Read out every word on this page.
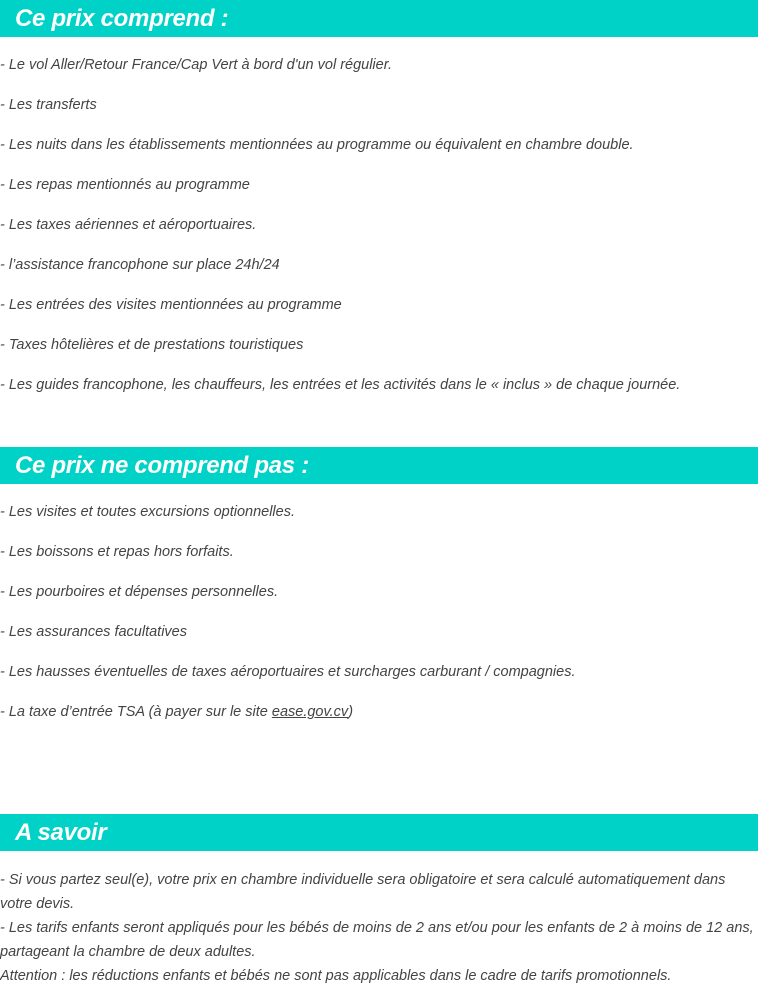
Ce prix comprend :
- Le vol Aller/Retour France/Cap Vert à bord d'un vol régulier.
- Les transferts
- Les nuits dans les établissements mentionnées au programme ou équivalent en chambre double.
- Les repas mentionnés au programme
- Les taxes aériennes et aéroportuaires.
- l’assistance francophone sur place 24h/24
- Les entrées des visites mentionnées au programme
- Taxes hôtelières et de prestations touristiques
- Les guides francophone, les chauffeurs, les entrées et les activités dans le « inclus » de chaque journée.
Ce prix ne comprend pas :
- Les visites et toutes excursions optionnelles.
- Les boissons et repas hors forfaits.
- Les pourboires et dépenses personnelles.
- Les assurances facultatives
- Les hausses éventuelles de taxes aéroportuaires et surcharges carburant / compagnies.
- La taxe d’entrée TSA (à payer sur le site ease.gov.cv)
A savoir

- Si vous partez seul(e), votre prix en chambre individuelle sera obligatoire et sera calculé automatiquement dans votre devis.

- Les tarifs enfants seront appliqués pour les bébés de moins de 2 ans et/ou pour les enfants de 2 à moins de 12 ans, partageant la chambre de deux adultes.

Attention : les réductions enfants et bébés ne sont pas applicables dans le cadre de tarifs promotionnels.
